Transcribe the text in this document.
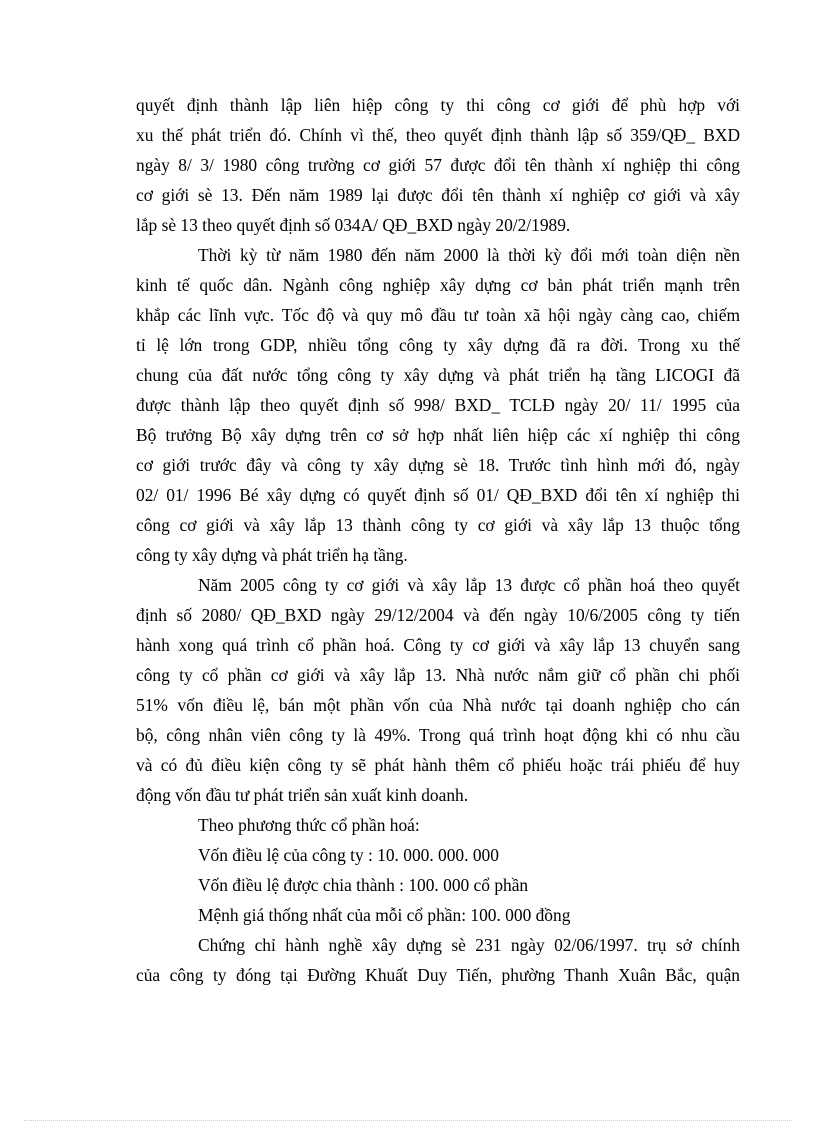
quyết định thành lập liên hiệp công ty thi công cơ giới để phù hợp với
xu thế phát triển đó. Chính vì thế, theo quyết định thành lập số 359/QĐ_ BXD
ngày 8/ 3/ 1980 công trường cơ giới 57 được đổi tên thành xí nghiệp thi công
cơ giới sè 13. Đến năm 1989 lại được đổi tên thành xí nghiệp cơ giới và xây
lắp sè 13 theo quyết định số 034A/ QĐ_BXD ngày 20/2/1989.
Thời kỳ từ năm 1980 đến năm 2000 là thời kỳ đổi mới toàn diện nền
kinh tế quốc dân. Ngành công nghiệp xây dựng cơ bản phát triển mạnh trên
khắp các lĩnh vực. Tốc độ và quy mô đầu tư toàn xã hội ngày càng cao, chiếm
tỉ lệ lớn trong GDP, nhiều tổng công ty xây dựng đã ra đời. Trong xu thế
chung của đất nước tổng công ty xây dựng và phát triển hạ tầng LICOGI đã
được thành lập theo quyết định số 998/ BXD_ TCLĐ ngày 20/ 11/ 1995 của
Bộ trưởng Bộ xây dựng trên cơ sở hợp nhất liên hiệp các xí nghiệp thi công
cơ giới trước đây và công ty xây dựng sè 18. Trước tình hình mới đó, ngày
02/ 01/ 1996 Bé xây dựng có quyết định số 01/ QĐ_BXD đổi tên xí nghiệp thi
công cơ giới và xây lắp 13 thành công ty cơ giới và xây lắp 13 thuộc tổng
công ty xây dựng và phát triển hạ tầng.
Năm 2005 công ty cơ giới và xây lắp 13 được cổ phần hoá theo quyết
định số 2080/ QĐ_BXD ngày 29/12/2004 và đến ngày 10/6/2005 công ty tiến
hành xong quá trình cổ phần hoá. Công ty cơ giới và xây lắp 13 chuyển sang
công ty cổ phần cơ giới và xây lắp 13. Nhà nước nắm giữ cổ phần chi phối
51% vốn điều lệ, bán một phần vốn của Nhà nước tại doanh nghiệp cho cán
bộ, công nhân viên công ty là 49%. Trong quá trình hoạt động khi có nhu cầu
và có đủ điều kiện công ty sẽ phát hành thêm cổ phiếu hoặc trái phiếu để huy
động vốn đầu tư phát triển sản xuất kinh doanh.
Theo phương thức cổ phần hoá:
Vốn điều lệ của công ty : 10. 000. 000. 000
Vốn điều lệ được chia thành : 100. 000 cổ phần
Mệnh giá thống nhất của mỗi cổ phần: 100. 000 đồng
Chứng chỉ hành nghề xây dựng sè 231 ngày 02/06/1997. trụ sở chính
của công ty đóng tại Đường Khuất Duy Tiến, phường Thanh Xuân Bắc, quận
